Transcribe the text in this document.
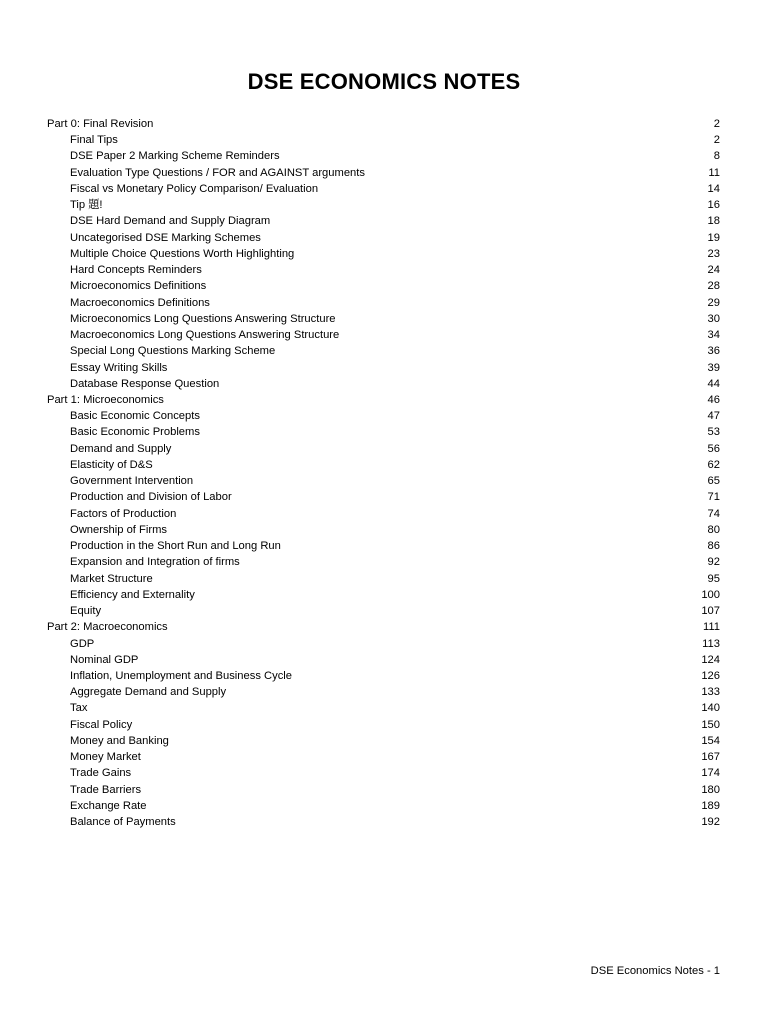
DSE ECONOMICS NOTES
Part 0: Final Revision	2
Final Tips	2
DSE Paper 2 Marking Scheme Reminders	8
Evaluation Type Questions / FOR and AGAINST arguments	11
Fiscal vs Monetary Policy Comparison/ Evaluation	14
Tip 題!	16
DSE Hard Demand and Supply Diagram	18
Uncategorised DSE Marking Schemes	19
Multiple Choice Questions Worth Highlighting	23
Hard Concepts Reminders	24
Microeconomics Definitions	28
Macroeconomics Definitions	29
Microeconomics Long Questions Answering Structure	30
Macroeconomics Long Questions Answering Structure	34
Special Long Questions Marking Scheme	36
Essay Writing Skills	39
Database Response Question	44
Part 1: Microeconomics	46
Basic Economic Concepts	47
Basic Economic Problems	53
Demand and Supply	56
Elasticity of D&S	62
Government Intervention	65
Production and Division of Labor	71
Factors of Production	74
Ownership of Firms	80
Production in the Short Run and Long Run	86
Expansion and Integration of firms	92
Market Structure	95
Efficiency and Externality	100
Equity	107
Part 2: Macroeconomics	111
GDP	113
Nominal GDP	124
Inflation, Unemployment and Business Cycle	126
Aggregate Demand and Supply	133
Tax	140
Fiscal Policy	150
Money and Banking	154
Money Market	167
Trade Gains	174
Trade Barriers	180
Exchange Rate	189
Balance of Payments	192
DSE Economics Notes - 1
